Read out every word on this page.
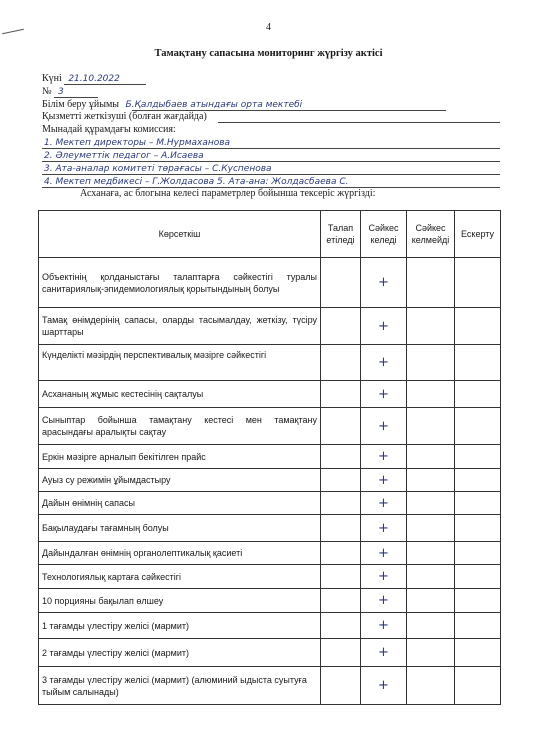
4
Тамақтану сапасына мониторинг жүргізу актісі
Күні 21.10.2022
№ 3
Білім беру ұйымы Б.Қалдыбаев атындағы орта мектебі
Қызметті жеткізуші (болған жағдайда)
Мынадай құрамдағы комиссия:
1. Мектеп директоры – М.Нурмаханова
2. Әлеуметтік педагог – А.Исаева
3. Ата-аналар комитеті төрағасы – С.Куспенова
4. Мектеп медбикесі – Г.Жолдасова 5. Ата-ана: Жолдасбаева С.
Асханаға, ас блогына келесі параметрлер бойынша тексеріс жүргізді:
Көрсеткіш	Талап етіледі	Сәйкес келеді	Сәйкес келмейді	Ескерту
Объектінің қолданыстағы талаптарға сәйкестігі туралы санитариялық-эпидемиологиялық қорытындының болуы		+		
Тамақ өнімдерінің сапасы, оларды тасымалдау, жеткізу, түсіру шарттары		+		
Күнделікті мәзірдің перспективалық мәзірге сәйкестігі		+		
Асхананың жұмыс кестесінің сақталуы		+		
Сыныптар бойынша тамақтану кестесі мен тамақтану арасындағы аралықты сақтау		+		
Еркін мәзірге арналып бекітілген прайс		+		
Ауыз су режимін ұйымдастыру		+		
Дайын өнімнің сапасы		+		
Бақылаудағы тағамның болуы		+		
Дайындалған өнімнің органолептикалық қасиеті		+		
Технологиялық картаға сәйкестігі		+		
10 порцияны бақылап өлшеу		+		
1 тағамды үлестіру желісі (мармит)		+		
2 тағамды үлестіру желісі (мармит)		+		
3 тағамды үлестіру желісі (мармит) (алюминий ыдыста суытуға тыйым салынады)		+		
